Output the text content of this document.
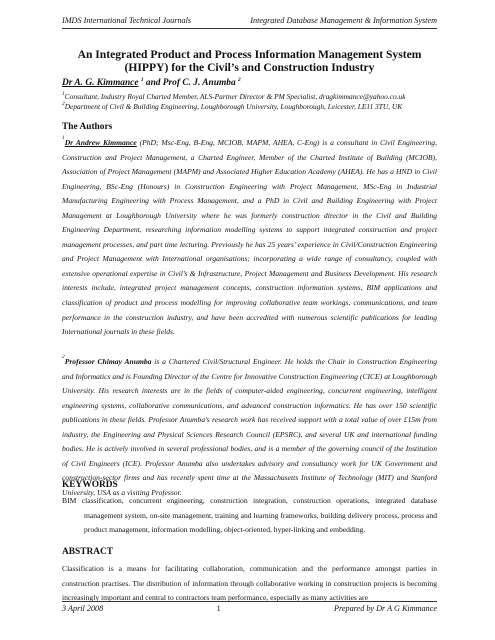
IMDS International Technical Journals	Integrated Database Management & Information System
An Integrated Product and Process Information Management System
(HIPPY) for the Civil’s and Construction Industry
Dr A. G. Kimmance $^1$ and Prof C. J. Anumba $^2$
$^1$Consultant, Industry Royal Charted Member, ALS-Partner Director & PM Specialist, dragkimmance@yahoo.co.uk
$^2$Department of Civil & Building Engineering, Loughborough University, Loughborough, Leicester, LE11 3TU, UK
The Authors
$^1$Dr Andrew Kimmance (PhD; Msc-Eng, B-Eng, MCIOB, MAPM, AHEA, C-Eng) is a consultant in Civil Engineering, Construction and Project Management, a Charted Engineer, Member of the Charted Institute of Building (MCIOB), Association of Project Management (MAPM) and Associated Higher Education Academy (AHEA). He has a HND in Civil Engineering, BSc-Eng (Honours) in Construction Engineering with Project Management, MSc-Eng in Industrial Manufacturing Engineering with Process Management, and a PhD in Civil and Building Engineering with Project Management at Loughborough University where he was formerly construction director in the Civil and Building Engineering Department, researching information modelling systems to support integrated construction and project management processes, and part time lecturing. Previously he has 25 years’ experience in Civil/Construction Engineering and Project Management with International organisations; incorporating a wide range of consultancy, coupled with extensive operational expertise in Civil’s & Infrastructure, Project Management and Business Development. His research interests include, integrated project management concepts, construction information systems, BIM applications and classification of product and process modelling for improving collaborative team workings, communications, and team performance in the construction industry, and have been accredited with numerous scientific publications for leading International journals in these fields.
$^2$Professor Chimay Anumba is a Chartered Civil/Structural Engineer. He holds the Chair in Construction Engineering and Informatics and is Founding Director of the Centre for Innovative Construction Engineering (CICE) at Loughborough University. His research interests are in the fields of computer-aided engineering, concurrent engineering, intelligent engineering systems, collaborative communications, and advanced construction informatics. He has over 150 scientific publications in these fields. Professor Anumba's research work has received support with a total value of over £15m from industry, the Engineering and Physical Sciences Research Council (EPSRC), and several UK and international funding bodies. He is actively involved in several professional bodies, and is a member of the governing council of the Institution of Civil Engineers (ICE). Professor Anumba also undertakes advisory and consultancy work for UK Government and construction-sector firms and has recently spent time at the Massachusetts Institute of Technology (MIT) and Stanford University, USA as a visiting Professor.
KEYWORDS
BIM classification, concurrent engineering, construction integration, construction operations, integrated database management system, on-site management, training and learning frameworks, building delivery process, process and product management, information modelling, object-oriented, hyper-linking and embedding.
ABSTRACT
Classification is a means for facilitating collaboration, communication and the performance amongst parties in construction practises. The distribution of information through collaborative working in construction projects is becoming increasingly important and central to contractors team performance, especially as many activities are
3 April 2008	1	Prepared by Dr A G Kimmance
